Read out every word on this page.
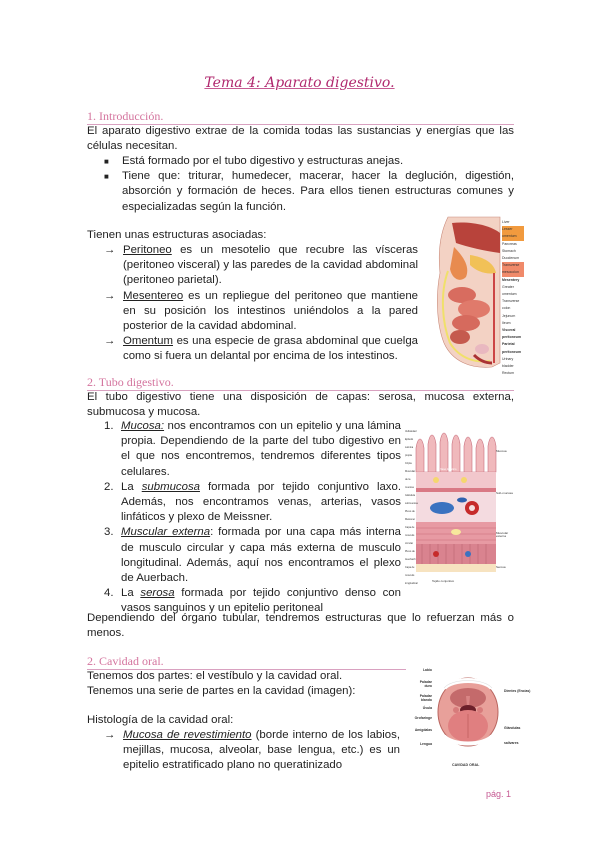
Tema 4: Aparato digestivo.
1. Introducción.
El aparato digestivo extrae de la comida todas las sustancias y energías que las células necesitan.
■ Está formado por el tubo digestivo y estructuras anejas.
■ Tiene que: triturar, humedecer, macerar, hacer la deglución, digestión, absorción y formación de heces. Para ellos tienen estructuras comunes y especializadas según la función.
Tienen unas estructuras asociadas:
→ Peritoneo es un mesotelio que recubre las vísceras (peritoneo visceral) y las paredes de la cavidad abdominal (peritoneo parietal).
→ Mesentereo es un repliegue del peritoneo que mantiene en su posición los intestinos uniéndolos a la pared posterior de la cavidad abdominal.
→ Omentum es una especie de grasa abdominal que cuelga como si fuera un delantal por encima de los intestinos.
Liver
Lesser omentum
Pancreas
Stomach
Duodenum
Transverse mesocolon
Mesentery
Greater omentum
Transverse colon
Jejunum
Ileum
Visceral peritoneum
Parietal peritoneum
Urinary bladder
Rectum
2. Tubo digestivo.
El tubo digestivo tiene una disposición de capas: serosa, mucosa externa, submucosa y mucosa.
1. Mucosa: nos encontramos con un epitelio y una lámina propia. Dependiendo de la parte del tubo digestivo en el que nos encontremos, tendremos diferentes tipos celulares.
2. La submucosa formada por tejido conjuntivo laxo. Además, nos encontramos venas, arterias, vasos linfáticos y plexo de Meissner.
3. Muscular externa: formada por una capa más interna de musculo circular y capa más externa de musculo longitudinal. Además, aquí nos encontramos el plexo de Auerbach.
4. La serosa formada por tejido conjuntivo denso con vasos sanguinos y un epitelio peritoneal
Dependiendo del órgano tubular, tendremos estructuras que lo refuerzan más o menos.
Vellosidad
Epitelio
Lámina propia
Cripta
Muscular de la mucosa
Glándula submucosa
Plexo de Meissner
Capa de músculo circular
Plexo de Auerbach
Capa de músculo longitudinal
Vaso linfático
Mucosa
Sub-mucosa
Muscular externa
Serosa
Tejido conjuntivo
2. Cavidad oral.
Tenemos dos partes: el vestíbulo y la cavidad oral.
Tenemos una serie de partes en la cavidad (imagen):
Histología de la cavidad oral:
→ Mucosa de revestimiento (borde interno de los labios, mejillas, mucosa, alveolar, base lengua, etc.) es un epitelio estratificado plano no queratinizado
Labio
Paladar duro
Paladar blando
Úvula
Orofaringe
Amígdalas
Lengua
Dientes (Encías)
Glándulas salivares
CAVIDAD ORAL
pág. 1
